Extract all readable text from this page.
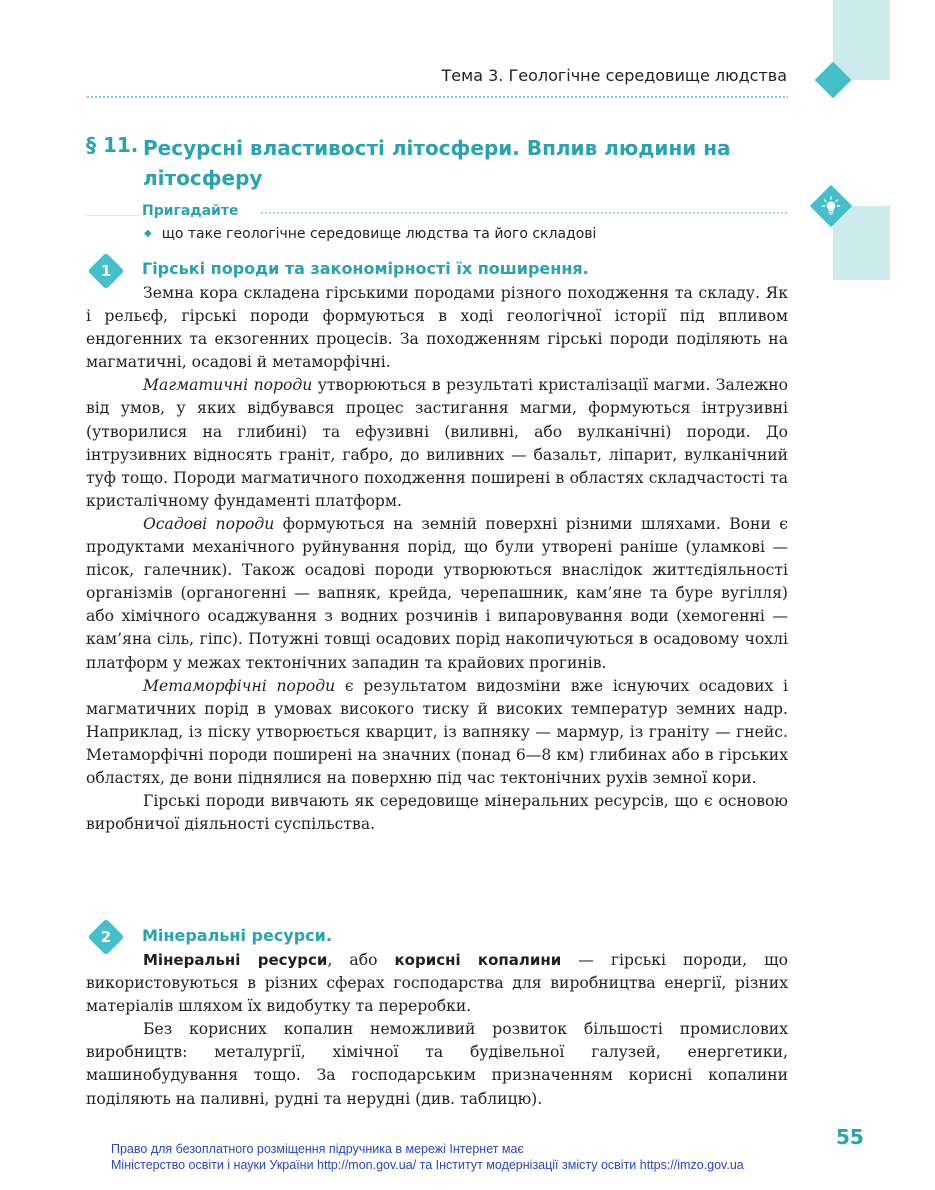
Тема 3. Геологічне середовище людства
§ 11. Ресурсні властивості літосфери. Вплив людини на літосферу
Пригадайте
◆ що таке геологічне середовище людства та його складові
1	Гірські породи та закономірності їх поширення.

Земна кора складена гірськими породами різного походження та складу. Як і рельєф, гірські породи формуються в ході геологічної історії під впливом ендогенних та екзогенних процесів. За походженням гірські породи поділяють на магматичні, осадові й метаморфічні.

Магматичні породи утворюються в результаті кристалізації магми. Залежно від умов, у яких відбувався процес застигання магми, формуються інтрузивні (утворилися на глибині) та ефузивні (виливні, або вулканічні) породи. До інтрузивних відносять граніт, габро, до виливних — базальт, ліпарит, вулканічний туф тощо. Породи магматичного походження поширені в областях складчастості та кристалічному фундаменті платформ.

Осадові породи формуються на земній поверхні різними шляхами. Вони є продуктами механічного руйнування порід, що були утворені раніше (уламкові — пісок, галечник). Також осадові породи утворюються внаслідок життєдіяльності організмів (органогенні — вапняк, крейда, черепашник, кам’яне та буре вугілля) або хімічного осаджування з водних розчинів і випаровування води (хемогенні — кам’яна сіль, гіпс). Потужні товщі осадових порід накопичуються в осадовому чохлі платформ у межах тектонічних западин та крайових прогинів.

Метаморфічні породи є результатом видозміни вже існуючих осадових і магматичних порід в умовах високого тиску й високих температур земних надр. Наприклад, із піску утворюється кварцит, із вапняку — мармур, із граніту — гнейс. Метаморфічні породи поширені на значних (понад 6—8 км) глибинах або в гірських областях, де вони піднялися на поверхню під час тектонічних рухів земної кори.

Гірські породи вивчають як середовище мінеральних ресурсів, що є основою виробничої діяльності суспільства.

2	Мінеральні ресурси.

Мінеральні ресурси, або корисні копалини — гірські породи, що використовуються в різних сферах господарства для виробництва енергії, різних матеріалів шляхом їх видобутку та переробки.

Без корисних копалин неможливий розвиток більшості промислових виробництв: металургії, хімічної та будівельної галузей, енергетики, машинобудування тощо. За господарським призначенням корисні копалини поділяють на паливні, рудні та нерудні (див. таблицю).

55
Право для безоплатного розміщення підручника в мережі Інтернет має
Міністерство освіти і науки України http://mon.gov.ua/ та Інститут модернізації змісту освіти https://imzo.gov.ua
